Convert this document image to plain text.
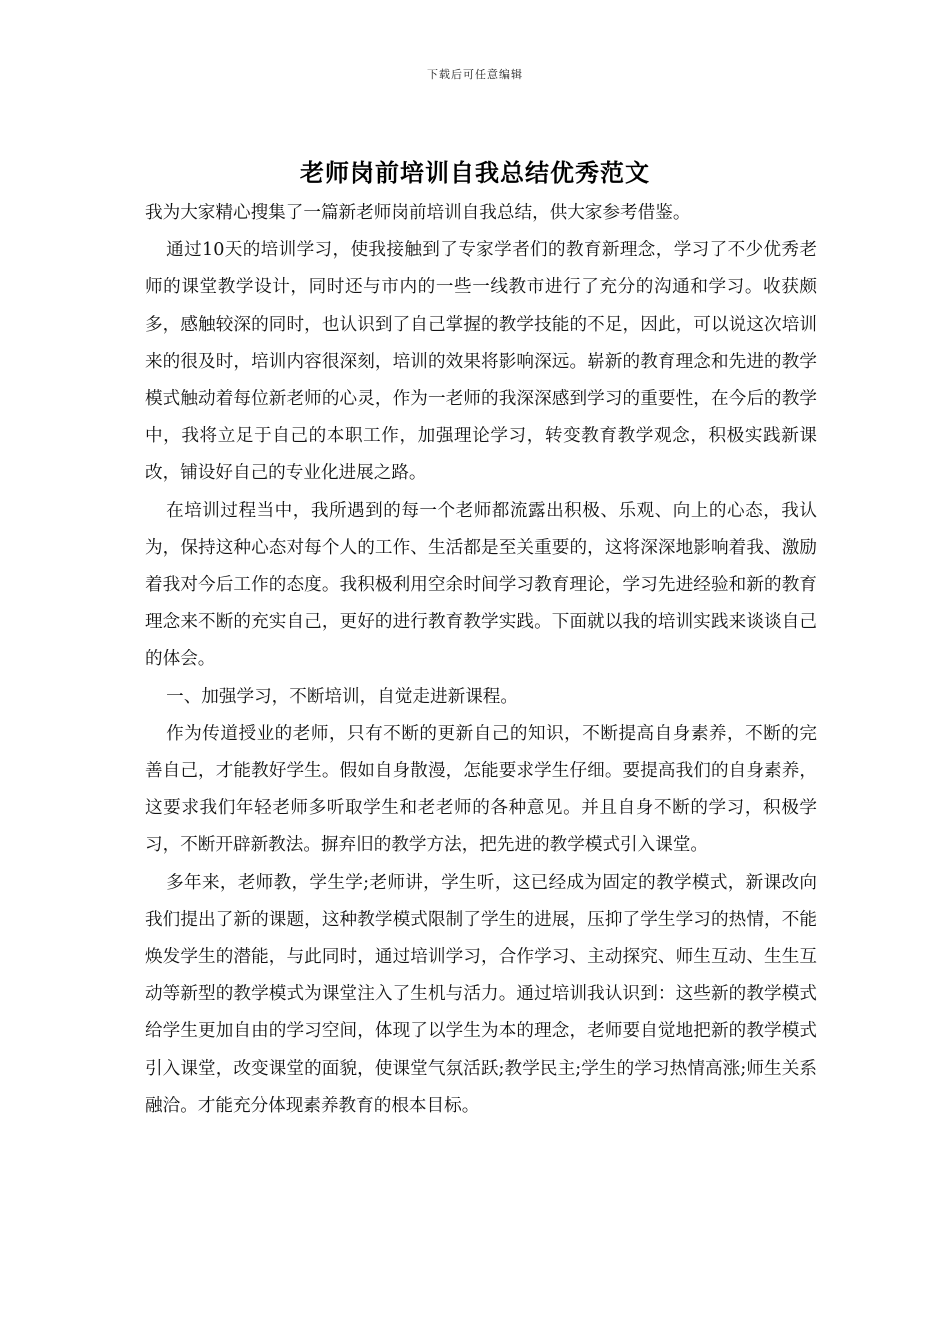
下载后可任意编辑
老师岗前培训自我总结优秀范文

我为大家精心搜集了一篇新老师岗前培训自我总结，供大家参考借鉴。

通过10天的培训学习，使我接触到了专家学者们的教育新理念，学习了不少优秀老师的课堂教学设计，同时还与市内的一些一线教市进行了充分的沟通和学习。收获颇多，感触较深的同时，也认识到了自己掌握的教学技能的不足，因此，可以说这次培训来的很及时，培训内容很深刻，培训的效果将影响深远。崭新的教育理念和先进的教学模式触动着每位新老师的心灵，作为一老师的我深深感到学习的重要性，在今后的教学中，我将立足于自己的本职工作，加强理论学习，转变教育教学观念，积极实践新课改，铺设好自己的专业化进展之路。

在培训过程当中，我所遇到的每一个老师都流露出积极、乐观、向上的心态，我认为，保持这种心态对每个人的工作、生活都是至关重要的，这将深深地影响着我、激励着我对今后工作的态度。我积极利用空余时间学习教育理论，学习先进经验和新的教育理念来不断的充实自己，更好的进行教育教学实践。下面就以我的培训实践来谈谈自己的体会。

一、加强学习，不断培训，自觉走进新课程。

作为传道授业的老师，只有不断的更新自己的知识，不断提高自身素养，不断的完善自己，才能教好学生。假如自身散漫，怎能要求学生仔细。要提高我们的自身素养，这要求我们年轻老师多听取学生和老老师的各种意见。并且自身不断的学习，积极学习，不断开辟新教法。摒弃旧的教学方法，把先进的教学模式引入课堂。

多年来，老师教，学生学;老师讲，学生听，这已经成为固定的教学模式，新课改向我们提出了新的课题，这种教学模式限制了学生的进展，压抑了学生学习的热情，不能焕发学生的潜能，与此同时，通过培训学习，合作学习、主动探究、师生互动、生生互动等新型的教学模式为课堂注入了生机与活力。通过培训我认识到：这些新的教学模式给学生更加自由的学习空间，体现了以学生为本的理念，老师要自觉地把新的教学模式引入课堂，改变课堂的面貌，使课堂气氛活跃;教学民主;学生的学习热情高涨;师生关系融洽。才能充分体现素养教育的根本目标。
